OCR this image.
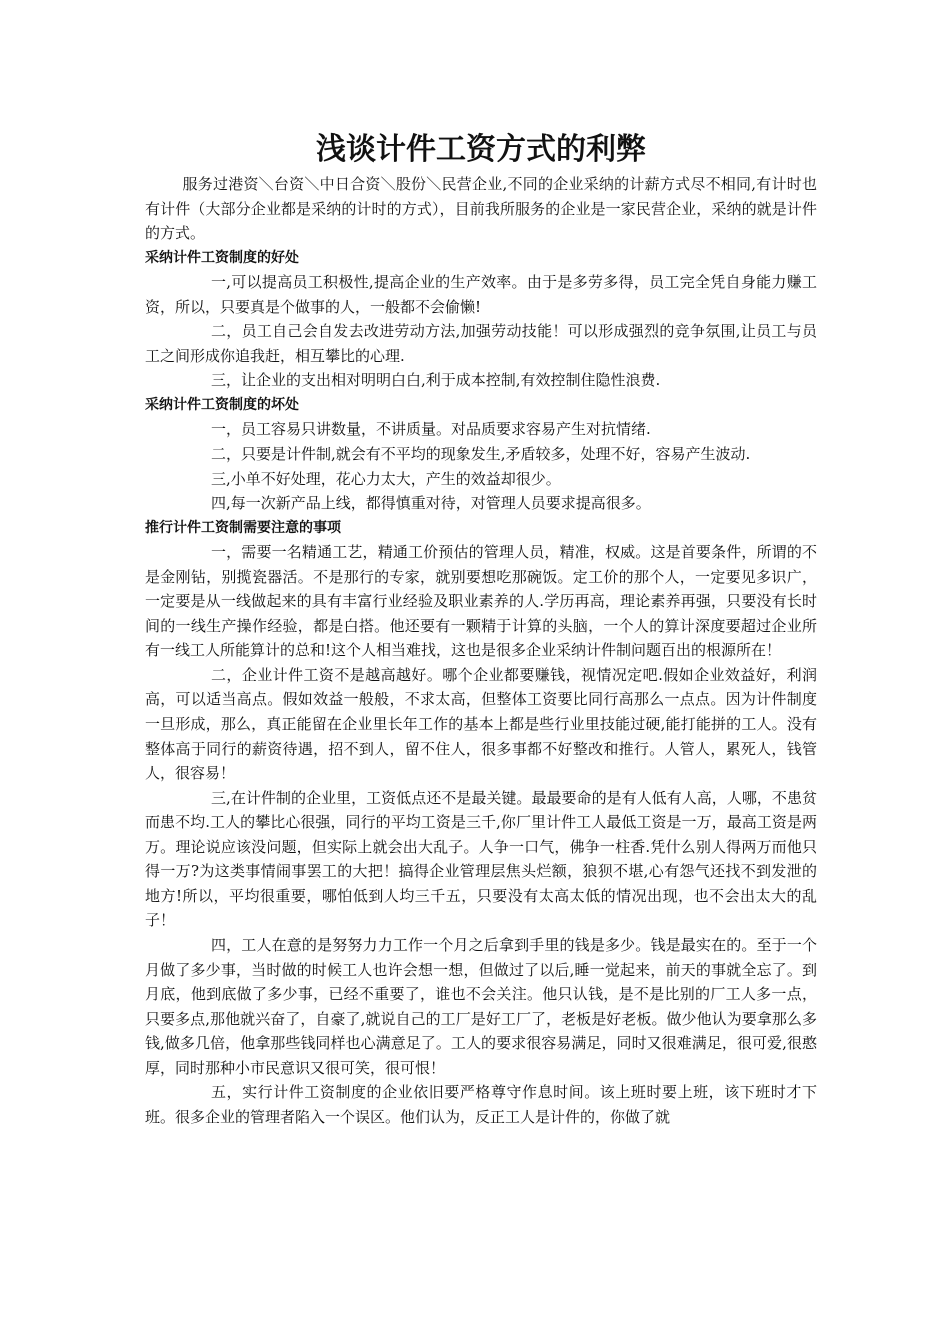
浅谈计件工资方式的利弊

服务过港资＼台资＼中日合资＼股份＼民营企业,不同的企业采纳的计薪方式尽不相同,有计时也有计件（大部分企业都是采纳的计时的方式），目前我所服务的企业是一家民营企业，采纳的就是计件的方式。

采纳计件工资制度的好处

一,可以提高员工积极性,提高企业的生产效率。由于是多劳多得，员工完全凭自身能力赚工资，所以，只要真是个做事的人，一般都不会偷懒!

二，员工自己会自发去改进劳动方法,加强劳动技能！可以形成强烈的竞争氛围,让员工与员工之间形成你追我赶，相互攀比的心理.

三，让企业的支出相对明明白白,利于成本控制,有效控制住隐性浪费.

采纳计件工资制度的坏处

一，员工容易只讲数量，不讲质量。对品质要求容易产生对抗情绪.

二，只要是计件制,就会有不平均的现象发生,矛盾较多，处理不好，容易产生波动.

三,小单不好处理，花心力太大，产生的效益却很少。

四,每一次新产品上线，都得慎重对待，对管理人员要求提高很多。

推行计件工资制需要注意的事项

一，需要一名精通工艺，精通工价预估的管理人员，精准，权威。这是首要条件，所谓的不是金刚钻，别揽瓷器活。不是那行的专家，就别要想吃那碗饭。定工价的那个人，一定要见多识广，一定要是从一线做起来的具有丰富行业经验及职业素养的人.学历再高，理论素养再强，只要没有长时间的一线生产操作经验，都是白搭。他还要有一颗精于计算的头脑，一个人的算计深度要超过企业所有一线工人所能算计的总和!这个人相当难找，这也是很多企业采纳计件制问题百出的根源所在！

二，企业计件工资不是越高越好。哪个企业都要赚钱，视情况定吧.假如企业效益好，利润高，可以适当高点。假如效益一般般，不求太高，但整体工资要比同行高那么一点点。因为计件制度一旦形成，那么，真正能留在企业里长年工作的基本上都是些行业里技能过硬,能打能拼的工人。没有整体高于同行的薪资待遇，招不到人，留不住人，很多事都不好整改和推行。人管人，累死人，钱管人，很容易！

三,在计件制的企业里，工资低点还不是最关键。最最要命的是有人低有人高，人哪，不患贫而患不均.工人的攀比心很强，同行的平均工资是三千,你厂里计件工人最低工资是一万，最高工资是两万。理论说应该没问题，但实际上就会出大乱子。人争一口气，佛争一柱香.凭什么别人得两万而他只得一万?为这类事情闹事罢工的大把！搞得企业管理层焦头烂额，狼狈不堪,心有怨气还找不到发泄的地方!所以，平均很重要，哪怕低到人均三千五，只要没有太高太低的情况出现，也不会出太大的乱子！

四，工人在意的是努努力力工作一个月之后拿到手里的钱是多少。钱是最实在的。至于一个月做了多少事，当时做的时候工人也许会想一想，但做过了以后,睡一觉起来，前天的事就全忘了。到月底，他到底做了多少事，已经不重要了，谁也不会关注。他只认钱，是不是比别的厂工人多一点，只要多点,那他就兴奋了，自豪了,就说自己的工厂是好工厂了，老板是好老板。做少他认为要拿那么多钱,做多几倍，他拿那些钱同样也心满意足了。工人的要求很容易满足，同时又很难满足，很可爱,很憨厚，同时那种小市民意识又很可笑，很可恨！

五，实行计件工资制度的企业依旧要严格尊守作息时间。该上班时要上班，该下班时才下班。很多企业的管理者陷入一个误区。他们认为，反正工人是计件的，你做了就
